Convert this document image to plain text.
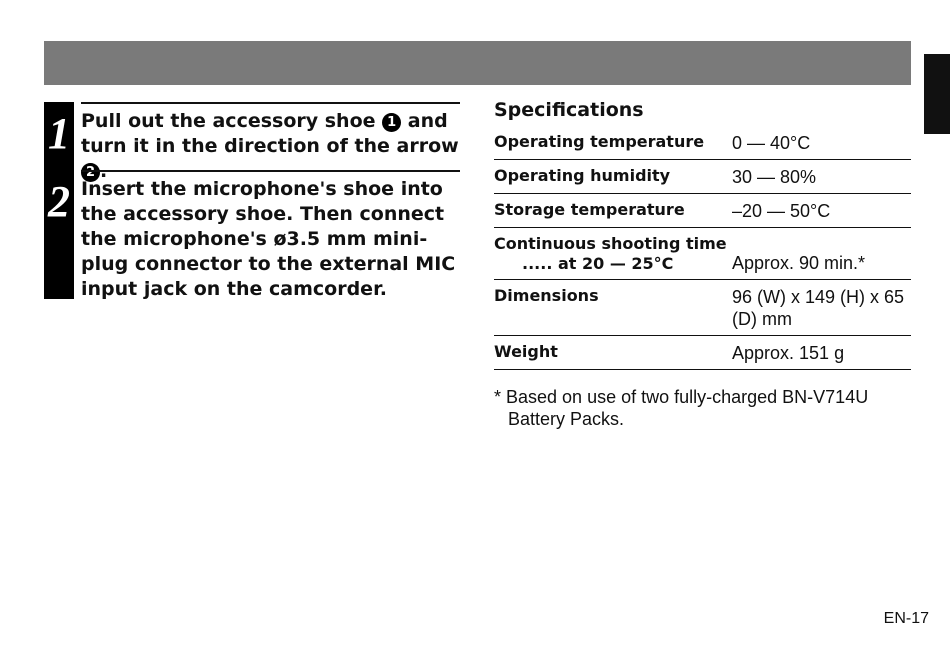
1 Pull out the accessory shoe 1 and turn it in the direction of the arrow 2 .
2 Insert the microphone's shoe into the accessory shoe. Then connect the microphone's ø3.5 mm mini-plug connector to the external MIC input jack on the camcorder.
Specifications
Operating temperature	0 — 40°C
Operating humidity	30 — 80%
Storage temperature	–20 — 50°C
Continuous shooting time
..... at 20 — 25°C	Approx. 90 min.*
Dimensions	96 (W) x 149 (H) x 65 (D) mm
Weight	Approx. 151 g
* Based on use of two fully-charged BN-V714U Battery Packs.
EN-17
